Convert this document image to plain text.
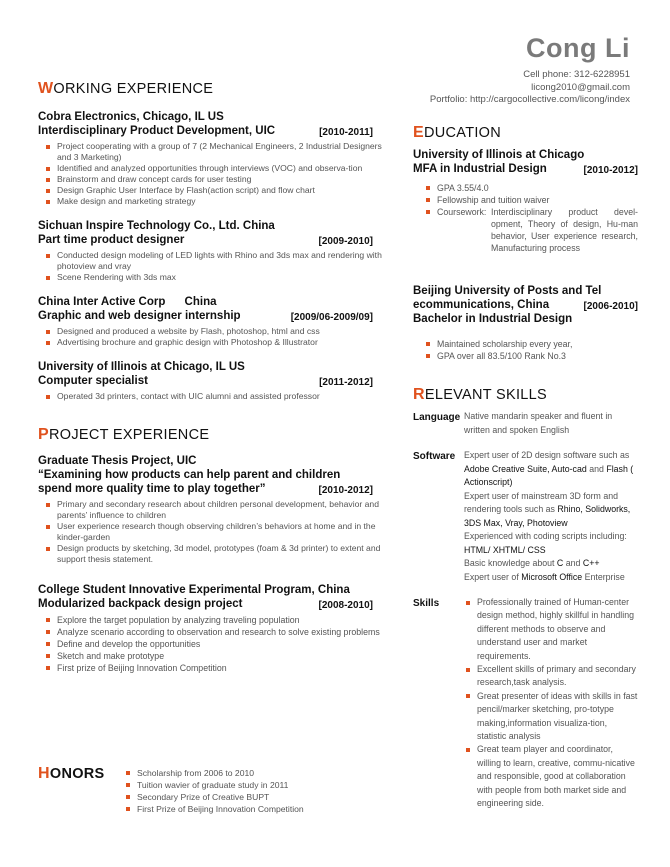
Cong Li
Cell phone: 312-6228951
licong2010@gmail.com
Portfolio: http://cargocollective.com/licong/index
WORKING EXPERIENCE
Cobra Electronics, Chicago, IL US
Interdisciplinary Product Development, UIC	[2010-2011]
Project cooperating with a group of 7 (2 Mechanical Engineers, 2 Industrial Designers and 3 Marketing)
Identified and analyzed opportunities through interviews (VOC) and observa-tion
Brainstorm and draw concept cards for user testing
Design Graphic User Interface by Flash(action script) and flow chart
Make design and marketing strategy
Sichuan Inspire Technology Co., Ltd. China
Part time product designer	[2009-2010]
Conducted design modeling of LED lights with Rhino and 3ds max and rendering with photoview and vray
Scene Rendering with 3ds max
China Inter Active Corp      China
Graphic and web designer internship	[2009/06-2009/09]
Designed and produced a website by Flash, photoshop, html and css
Advertising brochure and graphic design with Photoshop & Illustrator
University of Illinois at Chicago, IL US
Computer specialist	[2011-2012]
Operated 3d printers, contact with UIC alumni and assisted professor
PROJECT EXPERIENCE
Graduate Thesis Project, UIC
“Examining how products can help parent and children
spend more quality time to play together”	[2010-2012]
Primary and secondary research about children personal development, behavior and parents’ influence to children
User experience research though observing children’s behaviors at home and in the kinder-garden
Design products by sketching, 3d model, prototypes (foam & 3d printer) to extent and support thesis statement.
College Student Innovative Experimental Program, China
Modularized backpack design project	[2008-2010]
Explore the target population by analyzing traveling population
Analyze scenario according to observation and research to solve existing problems
Define and develop the opportunities
Sketch and make prototype
First prize of Beijing Innovation Competition
HONORS	Scholarship from 2006 to 2010
Tuition wavier of graduate study in 2011
Secondary Prize of Creative BUPT
First Prize of Beijing Innovation Competition
EDUCATION
University of Illinois at Chicago
MFA in Industrial Design	[2010-2012]
GPA 3.55/4.0
Fellowship and tuition waiver
Coursework: Interdisciplinary product devel-opment, Theory of design, Hu-man behavior, User experience research, Manufacturing process
Beijing University of Posts and Tel
ecommunications, China	[2006-2010]
Bachelor in Industrial Design
Maintained scholarship every year,
GPA over all 83.5/100 Rank No.3
RELEVANT SKILLS
Language Native mandarin speaker and fluent in written and spoken English
Software Expert user of 2D design software such as Adobe Creative Suite, Auto-cad and Flash ( Actionscript)
Expert user of mainstream 3D form and rendering tools such as Rhino, Solidworks, 3DS Max, Vray, Photoview
Experienced with coding scripts including: HTML/ XHTML/ CSS
Basic knowledge about C and C++
Expert user of Microsoft Office Enterprise
Skills	Professionally trained of Human-center design method, highly skillful in handling different methods to observe and understand user and market requirements.
Excellent skills of primary and secondary research,task analysis.
Great presenter of ideas with skills in fast pencil/marker sketching, pro-totype making,information visualiza-tion, statistic analysis
Great team player and coordinator, willing to learn, creative, commu-nicative and responsible, good at collaboration with people from both market side and engineering side.
